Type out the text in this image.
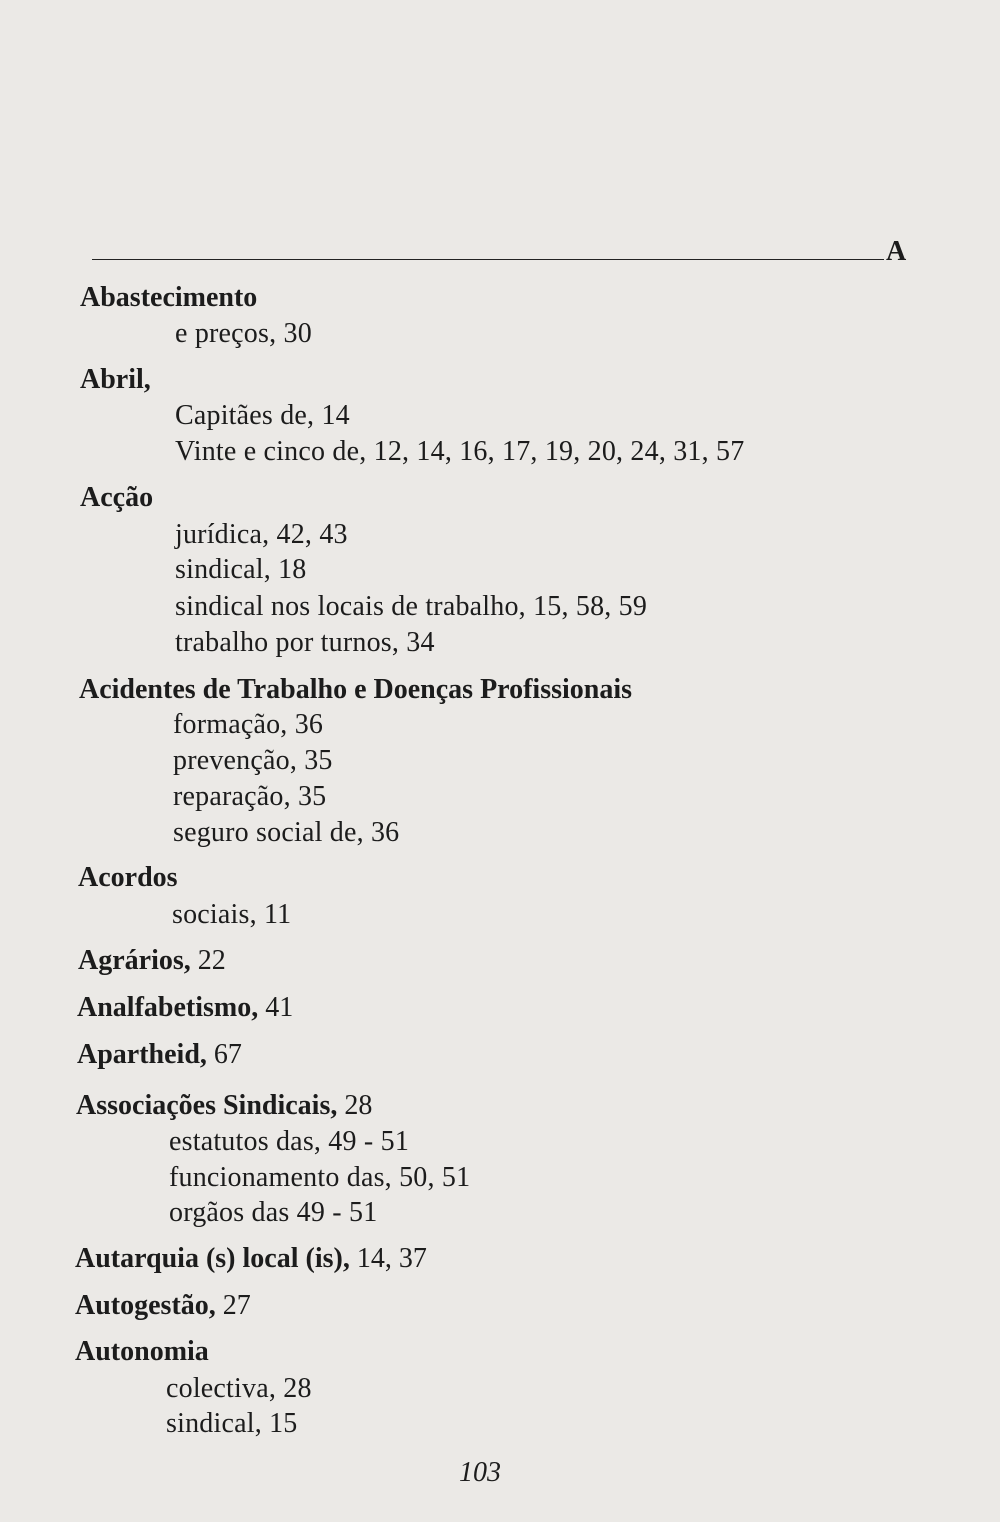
A
Abastecimento
e preços, 30
Abril,
Capitães de, 14
Vinte e cinco de, 12, 14, 16, 17, 19, 20, 24, 31, 57
Acção
jurídica, 42, 43
sindical, 18
sindical nos locais de trabalho, 15, 58, 59
trabalho por turnos, 34
Acidentes de Trabalho e Doenças Profissionais
formação, 36
prevenção, 35
reparação, 35
seguro social de, 36
Acordos
sociais, 11
Agrários, 22
Analfabetismo, 41
Apartheid, 67
Associações Sindicais, 28
estatutos das, 49 - 51
funcionamento das, 50, 51
orgãos das 49 - 51
Autarquia (s) local (is), 14, 37
Autogestão, 27
Autonomia
colectiva, 28
sindical, 15
103
